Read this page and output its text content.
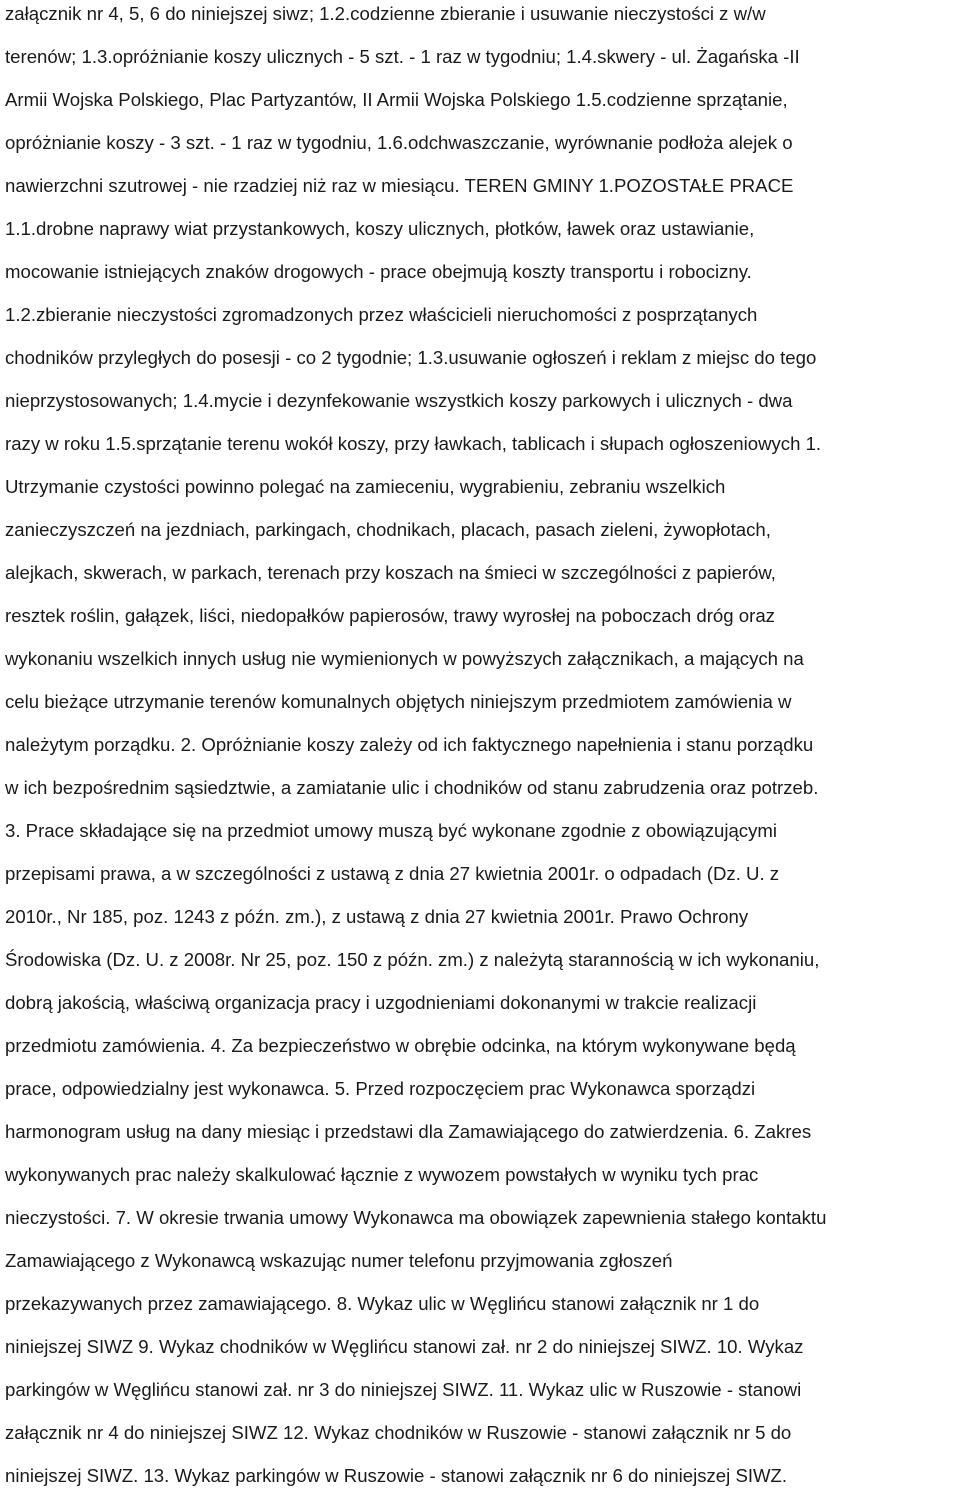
załącznik nr 4, 5, 6 do niniejszej siwz; 1.2.codzienne zbieranie i usuwanie nieczystości z w/w

terenów; 1.3.opróżnianie koszy ulicznych - 5 szt. - 1 raz w tygodniu; 1.4.skwery - ul. Żagańska -II

Armii Wojska Polskiego, Plac Partyzantów, II Armii Wojska Polskiego 1.5.codzienne sprzątanie,

opróżnianie koszy - 3 szt. - 1 raz w tygodniu, 1.6.odchwaszczanie, wyrównanie podłoża alejek o

nawierzchni szutrowej - nie rzadziej niż raz w miesiącu. TEREN GMINY 1.POZOSTAŁE PRACE

1.1.drobne naprawy wiat przystankowych, koszy ulicznych, płotków, ławek oraz ustawianie,

mocowanie istniejących znaków drogowych - prace obejmują koszty transportu i robocizny.

1.2.zbieranie nieczystości zgromadzonych przez właścicieli nieruchomości z posprzątanych

chodników przyległych do posesji - co 2 tygodnie; 1.3.usuwanie ogłoszeń i reklam z miejsc do tego

nieprzystosowanych; 1.4.mycie i dezynfekowanie wszystkich koszy parkowych i ulicznych - dwa

razy w roku 1.5.sprzątanie terenu wokół koszy, przy ławkach, tablicach i słupach ogłoszeniowych 1.

Utrzymanie czystości powinno polegać na zamieceniu, wygrabieniu, zebraniu wszelkich

zanieczyszczeń na jezdniach, parkingach, chodnikach, placach, pasach zieleni, żywopłotach,

alejkach, skwerach, w parkach, terenach przy koszach na śmieci w szczególności z papierów,

resztek roślin, gałązek, liści, niedopałków papierosów, trawy wyrosłej na poboczach dróg oraz

wykonaniu wszelkich innych usług nie wymienionych w powyższych załącznikach, a mających na

celu bieżące utrzymanie terenów komunalnych objętych niniejszym przedmiotem zamówienia w

należytym porządku. 2. Opróżnianie koszy zależy od ich faktycznego napełnienia i stanu porządku

w ich bezpośrednim sąsiedztwie, a zamiatanie ulic i chodników od stanu zabrudzenia oraz potrzeb.

3. Prace składające się na przedmiot umowy muszą być wykonane zgodnie z obowiązującymi

przepisami prawa, a w szczególności z ustawą z dnia 27 kwietnia 2001r. o odpadach (Dz. U. z

2010r., Nr 185, poz. 1243 z późn. zm.), z ustawą z dnia 27 kwietnia 2001r. Prawo Ochrony

Środowiska (Dz. U. z 2008r. Nr 25, poz. 150 z późn. zm.) z należytą starannością w ich wykonaniu,

dobrą jakością, właściwą organizacja pracy i uzgodnieniami dokonanymi w trakcie realizacji

przedmiotu zamówienia. 4. Za bezpieczeństwo w obrębie odcinka, na którym wykonywane będą

prace, odpowiedzialny jest wykonawca. 5. Przed rozpoczęciem prac Wykonawca sporządzi

harmonogram usług na dany miesiąc i przedstawi dla Zamawiającego do zatwierdzenia. 6. Zakres

wykonywanych prac należy skalkulować łącznie z wywozem powstałych w wyniku tych prac

nieczystości. 7. W okresie trwania umowy Wykonawca ma obowiązek zapewnienia stałego kontaktu

Zamawiającego z Wykonawcą wskazując numer telefonu przyjmowania zgłoszeń

przekazywanych przez zamawiającego. 8. Wykaz ulic w Węglińcu stanowi załącznik nr 1 do

niniejszej SIWZ 9. Wykaz chodników w Węglińcu stanowi zał. nr 2 do niniejszej SIWZ. 10. Wykaz

parkingów w Węglińcu stanowi zał. nr 3 do niniejszej SIWZ. 11. Wykaz ulic w Ruszowie - stanowi

załącznik nr 4 do niniejszej SIWZ 12. Wykaz chodników w Ruszowie - stanowi załącznik nr 5 do

niniejszej SIWZ. 13. Wykaz parkingów w Ruszowie - stanowi załącznik nr 6 do niniejszej SIWZ.
